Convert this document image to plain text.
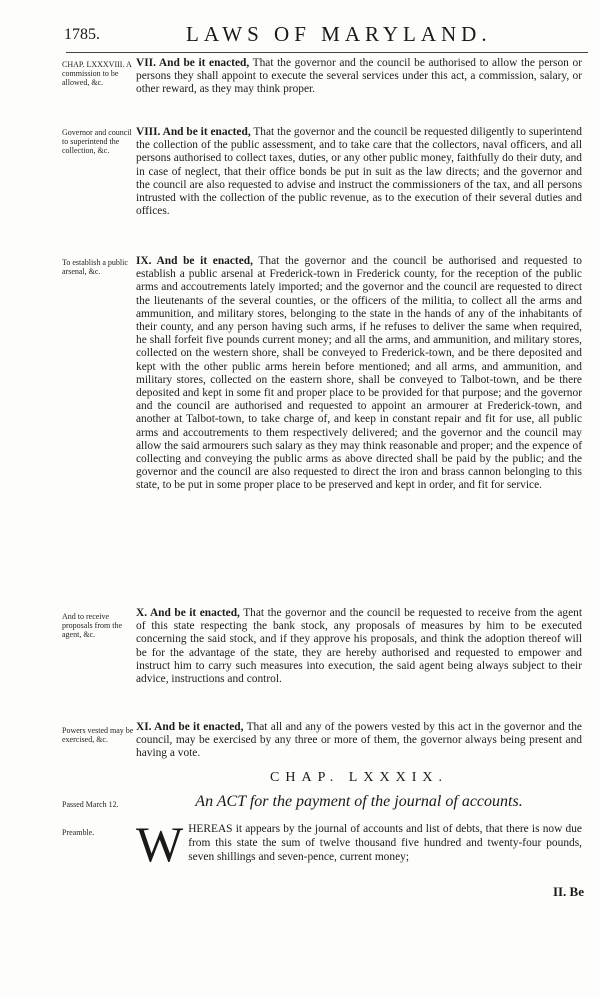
1785.	LAWS OF MARYLAND.
CHAP. LXXXVIII. A commission to be allowed, &c.
Governor and council to superintend the collection, &c.
To establish a public arsenal, &c.
And to receive proposals from the agent, &c.
Powers vested may be exercised, &c.
Passed March 12.
Preamble.
VII. And be it enacted, That the governor and the council be authorised to allow the person or persons they shall appoint to execute the several services under this act, a commission, salary, or other reward, as they may think proper.
VIII. And be it enacted, That the governor and the council be requested diligently to superintend the collection of the public assessment, and to take care that the collectors, naval officers, and all persons authorised to collect taxes, duties, or any other public money, faithfully do their duty, and in case of neglect, that their office bonds be put in suit as the law directs; and the governor and the council are also requested to advise and instruct the commissioners of the tax, and all persons intrusted with the collection of the public revenue, as to the execution of their several duties and offices.
IX. And be it enacted, That the governor and the council be authorised and requested to establish a public arsenal at Frederick-town in Frederick county, for the reception of the public arms and accoutrements lately imported; and the governor and the council are requested to direct the lieutenants of the several counties, or the officers of the militia, to collect all the arms and ammunition, and military stores, belonging to the state in the hands of any of the inhabitants of their county, and any person having such arms, if he refuses to deliver the same when required, he shall forfeit five pounds current money; and all the arms, and ammunition, and military stores, collected on the western shore, shall be conveyed to Frederick-town, and be there deposited and kept with the other public arms herein before mentioned; and all arms, and ammunition, and military stores, collected on the eastern shore, shall be conveyed to Talbot-town, and be there deposited and kept in some fit and proper place to be provided for that purpose; and the governor and the council are authorised and requested to appoint an armourer at Frederick-town, and another at Talbot-town, to take charge of, and keep in constant repair and fit for use, all public arms and accoutrements to them respectively delivered; and the governor and the council may allow the said armourers such salary as they may think reasonable and proper; and the expence of collecting and conveying the public arms as above directed shall be paid by the public; and the governor and the council are also requested to direct the iron and brass cannon belonging to this state, to be put in some proper place to be preserved and kept in order, and fit for service.
X. And be it enacted, That the governor and the council be requested to receive from the agent of this state respecting the bank stock, any proposals of measures by him to be executed concerning the said stock, and if they approve his proposals, and think the adoption thereof will be for the advantage of the state, they are hereby authorised and requested to empower and instruct him to carry such measures into execution, the said agent being always subject to their advice, instructions and control.
XI. And be it enacted, That all and any of the powers vested by this act in the governor and the council, may be exercised by any three or more of them, the governor always being present and having a vote.
CHAP. LXXXIX.
An ACT for the payment of the journal of accounts.
W HEREAS it appears by the journal of accounts and list of debts, that there is now due from this state the sum of twelve thousand five hundred and twenty-four pounds, seven shillings and seven-pence, current money;
II. Be
